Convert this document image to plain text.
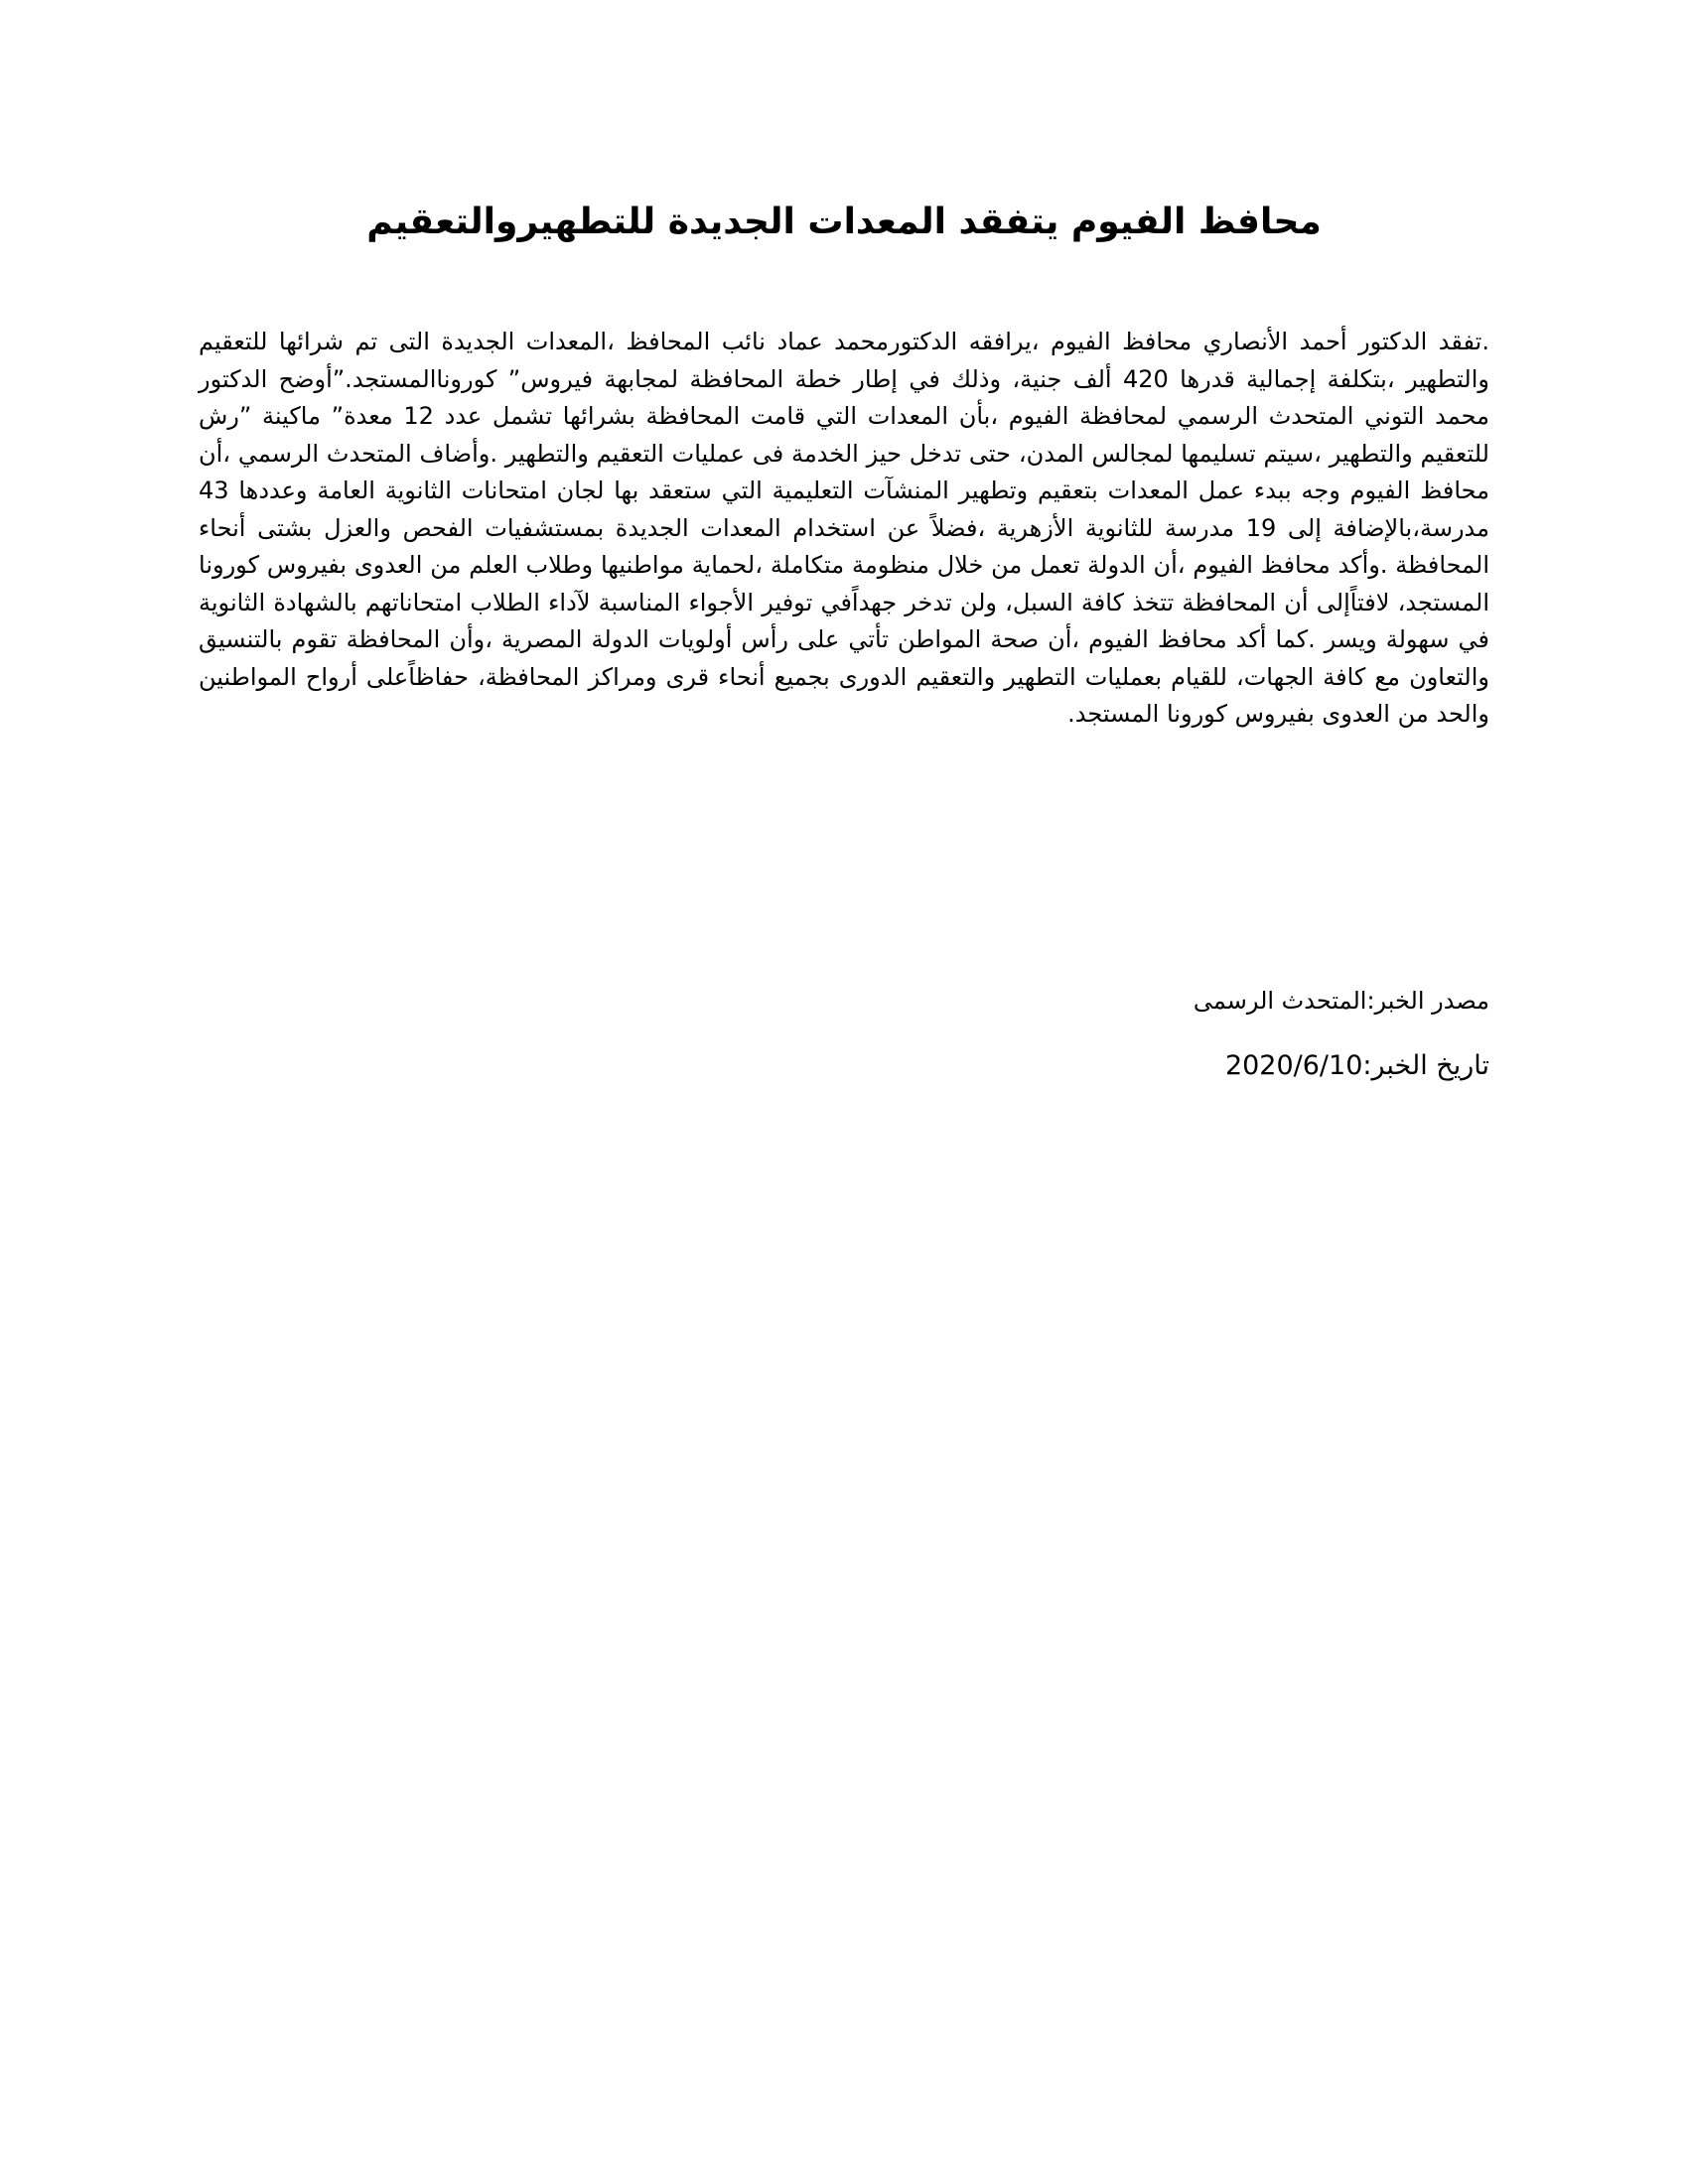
محافظ الفيوم يتفقد المعدات الجديدة للتطهيروالتعقيم

.تفقد الدكتور أحمد الأنصاري محافظ الفيوم ،يرافقه الدكتورمحمد عماد نائب المحافظ ،المعدات الجديدة التى تم شرائها للتعقيم والتطهير ،بتكلفة إجمالية قدرها 420 ألف جنية، وذلك في إطار خطة المحافظة لمجابهة فيروس” كوروناالمستجد.”أوضح الدكتور محمد التوني المتحدث الرسمي لمحافظة الفيوم ،بأن المعدات التي قامت المحافظة بشرائها تشمل عدد 12 معدة” ماكينة ”رش للتعقيم والتطهير ،سيتم تسليمها لمجالس المدن، حتى تدخل حيز الخدمة فى عمليات التعقيم والتطهير .وأضاف المتحدث الرسمي ،أن محافظ الفيوم وجه ببدء عمل المعدات بتعقيم وتطهير المنشآت التعليمية التي ستعقد بها لجان امتحانات الثانوية العامة وعددها 43 مدرسة،بالإضافة إلى 19 مدرسة للثانوية الأزهرية ،فضلاً عن استخدام المعدات الجديدة بمستشفيات الفحص والعزل بشتى أنحاء المحافظة .وأكد محافظ الفيوم ،أن الدولة تعمل من خلال منظومة متكاملة ،لحماية مواطنيها وطلاب العلم من العدوى بفيروس كورونا المستجد، لافتاًإلى أن المحافظة تتخذ كافة السبل، ولن تدخر جهداًفي توفير الأجواء المناسبة لآداء الطلاب امتحاناتهم بالشهادة الثانوية في سهولة ويسر .كما أكد محافظ الفيوم ،أن صحة المواطن تأتي على رأس أولويات الدولة المصرية ،وأن المحافظة تقوم بالتنسيق والتعاون مع كافة الجهات، للقيام بعمليات التطهير والتعقيم الدورى بجميع أنحاء قرى ومراكز المحافظة، حفاظاًعلى أرواح المواطنين والحد من العدوى بفيروس كورونا المستجد.

مصدر الخبر:المتحدث الرسمى

تاريخ الخبر:2020/6/10
